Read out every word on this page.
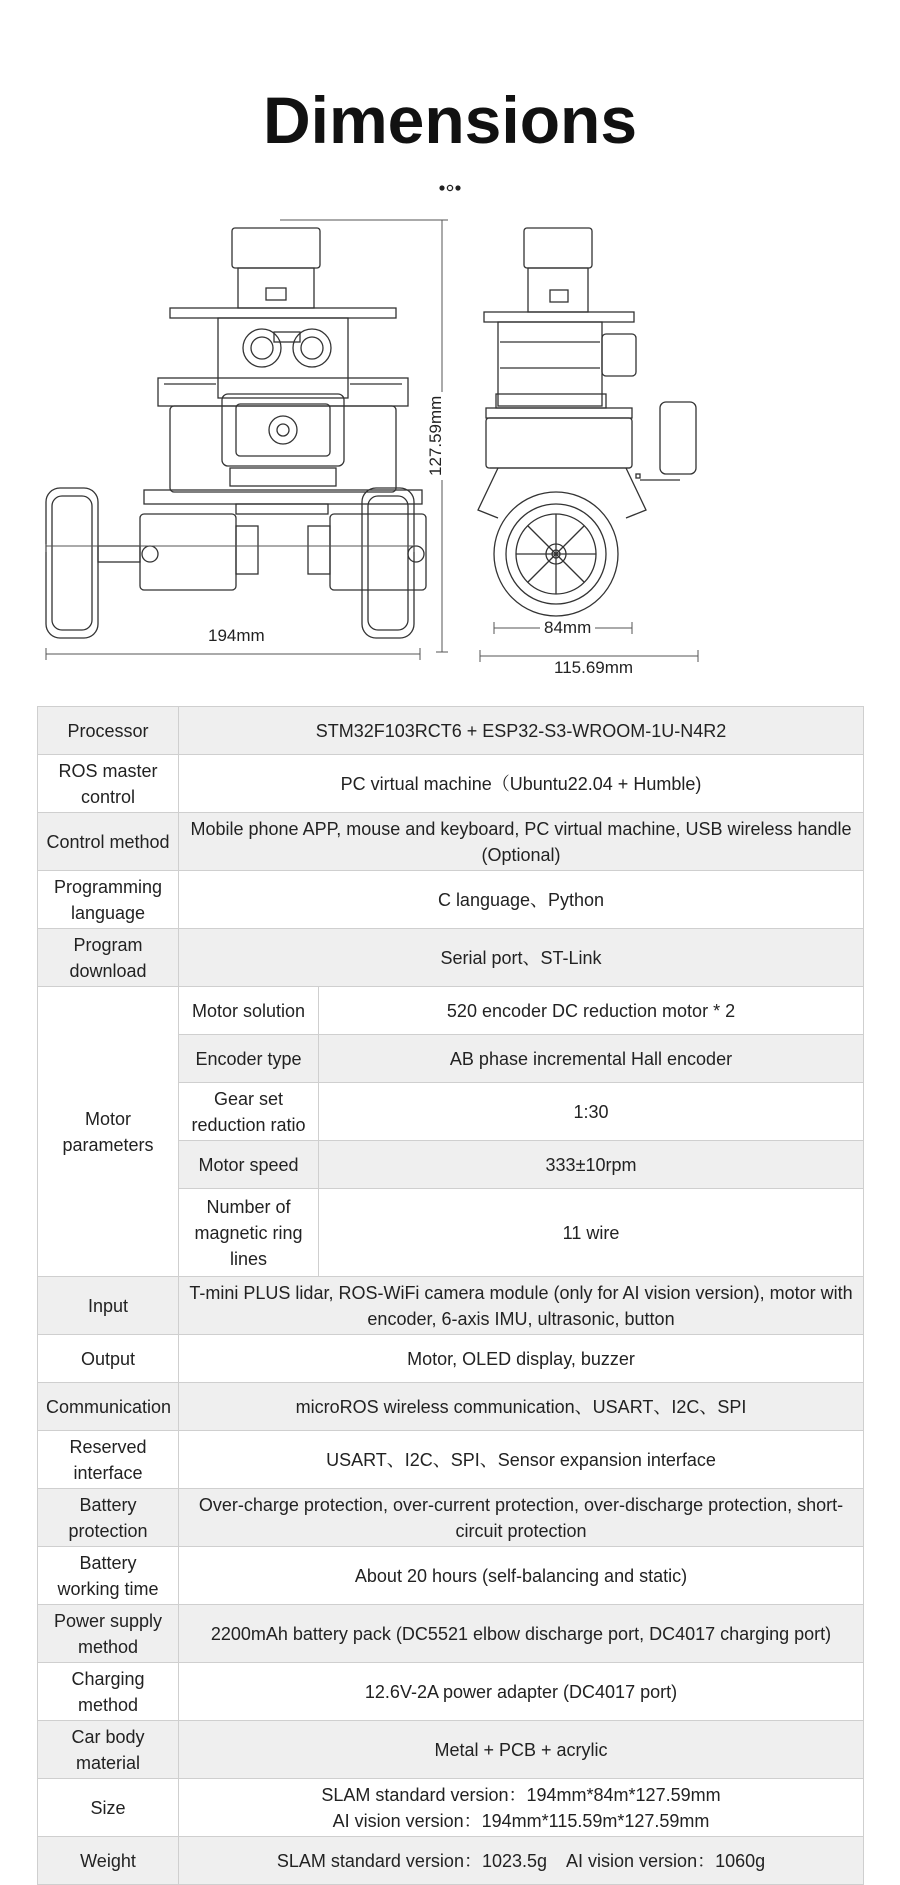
Dimensions
194mm
127.59mm
84mm
115.69mm
Processor	STM32F103RCT6 + ESP32-S3-WROOM-1U-N4R2	
ROS master control	PC virtual machine（Ubuntu22.04 + Humble)	
Control method	Mobile phone APP, mouse and keyboard, PC virtual machine, USB wireless handle (Optional)	
Programming language	C language、Python	
Program download	Serial port、ST-Link	
Motor parameters	Motor solution	520 encoder DC reduction motor * 2
	Encoder type	AB phase incremental Hall encoder
	Gear set reduction ratio	1:30
	Motor speed	333±10rpm
	Number of magnetic ring lines	11 wire
Input	T-mini PLUS lidar, ROS-WiFi camera module (only for AI vision version), motor with encoder, 6-axis IMU, ultrasonic, button	
Output	Motor, OLED display, buzzer	
Communication	microROS wireless communication、USART、I2C、SPI	
Reserved interface	USART、I2C、SPI、Sensor expansion interface	
Battery protection	Over-charge protection, over-current protection, over-discharge protection, short-circuit protection	
Battery working time	About 20 hours (self-balancing and static)	
Power supply method	2200mAh battery pack (DC5521 elbow discharge port, DC4017 charging port)	
Charging method	12.6V-2A power adapter (DC4017 port)	
Car body material	Metal + PCB + acrylic	
Size	SLAM standard version：194mm*84m*127.59mm
AI vision version：194mm*115.59m*127.59mm	

Weight	SLAM standard version：1023.5g    AI vision version：1060g	
